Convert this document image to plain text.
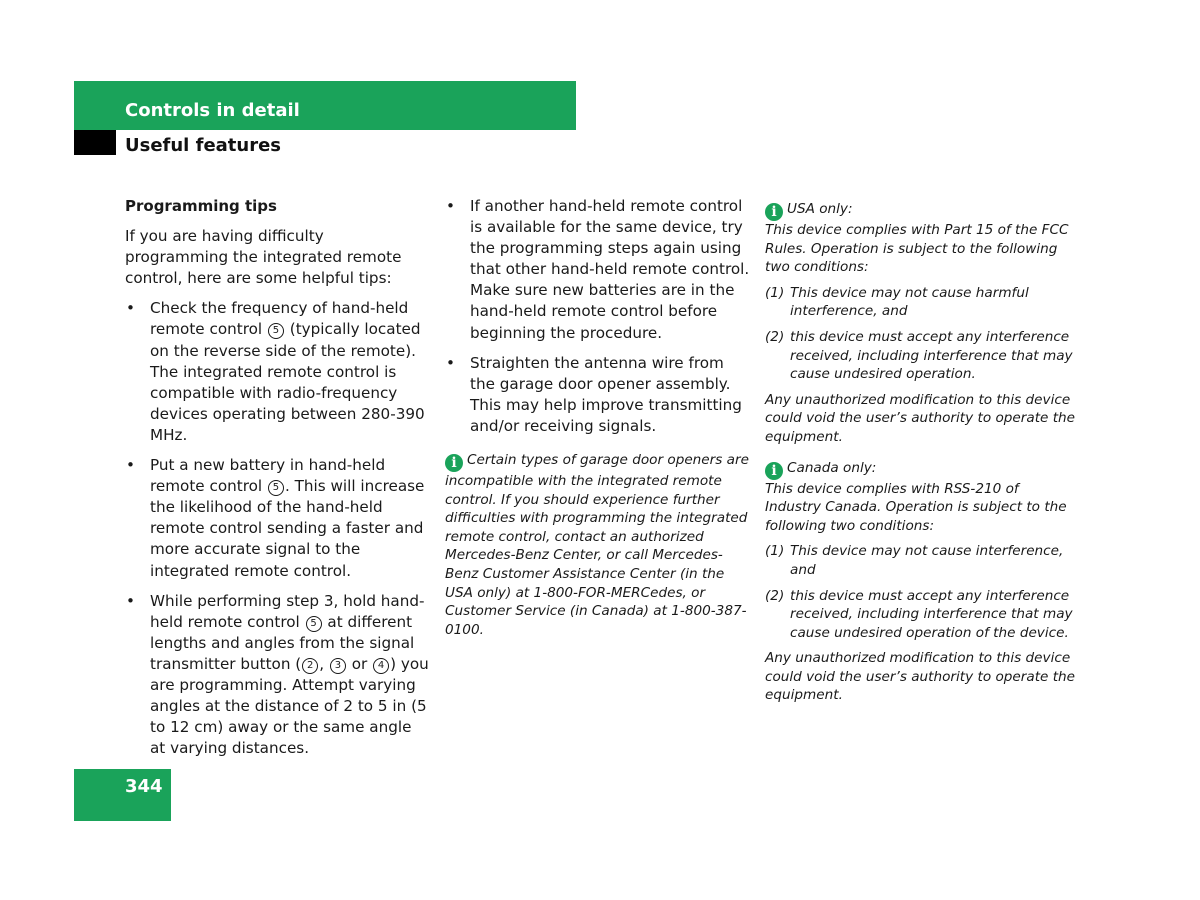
Controls in detail
Useful features
Programming tips
If you are having difficulty programming the integrated remote control, here are some helpful tips:
• Check the frequency of hand-held remote control 5 (typically located on the reverse side of the remote). The integrated remote control is compatible with radio-frequency devices operating between 280-390 MHz.
• Put a new battery in hand-held remote control 5 . This will increase the likelihood of the hand-held remote control sending a faster and more accurate signal to the integrated remote control.
• While performing step 3, hold hand-held remote control 5 at different lengths and angles from the signal transmitter button ( 2 , 3 or 4 ) you are programming. Attempt varying angles at the distance of 2 to 5 in (5 to 12 cm) away or the same angle at varying distances.
• If another hand-held remote control is available for the same device, try the programming steps again using that other hand-held remote control. Make sure new batteries are in the hand-held remote control before beginning the procedure.
• Straighten the antenna wire from the garage door opener assembly. This may help improve transmitting and/or receiving signals.
i Certain types of garage door openers are incompatible with the integrated remote control. If you should experience further difficulties with programming the integrated remote control, contact an authorized Mercedes-Benz Center, or call Mercedes-Benz Customer Assistance Center (in the USA only) at 1-800-FOR-MERCedes, or Customer Service (in Canada) at 1-800-387-0100.
i USA only:
This device complies with Part 15 of the FCC Rules. Operation is subject to the following two conditions:
(1) This device may not cause harmful interference, and
(2) this device must accept any interference received, including interference that may cause undesired operation.
Any unauthorized modification to this device could void the user’s authority to operate the equipment.
i Canada only:
This device complies with RSS-210 of Industry Canada. Operation is subject to the following two conditions:
(1) This device may not cause interference, and
(2) this device must accept any interference received, including interference that may cause undesired operation of the device.
Any unauthorized modification to this device could void the user’s authority to operate the equipment.
344
